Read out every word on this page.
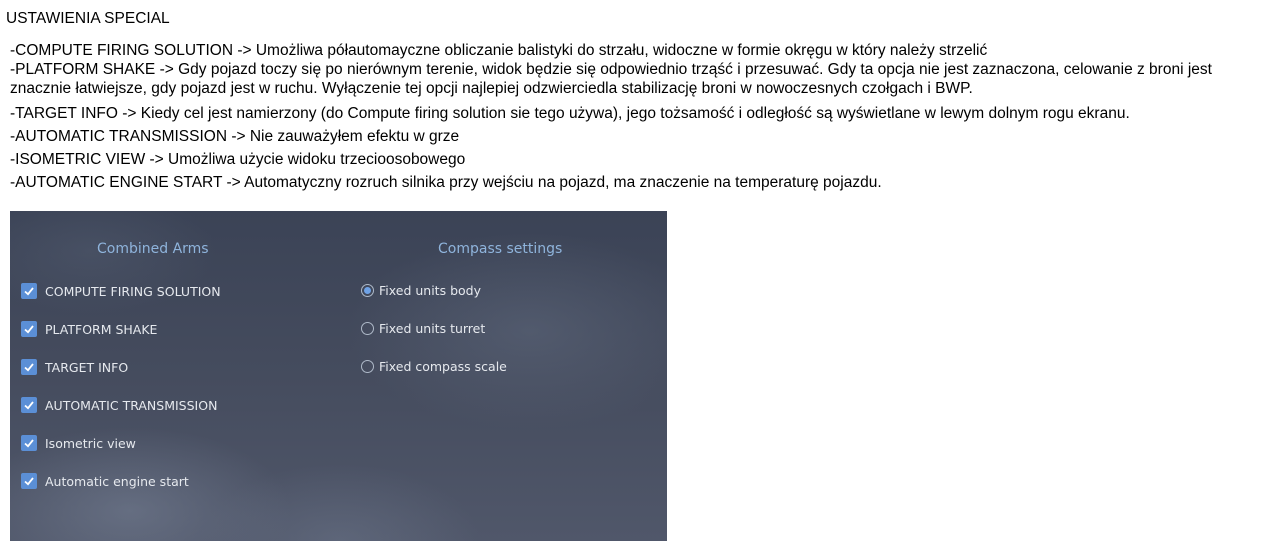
USTAWIENIA SPECIAL

-COMPUTE FIRING SOLUTION -> Umożliwa półautomayczne obliczanie balistyki do strzału, widoczne w formie okręgu w który należy strzelić

-PLATFORM SHAKE -> Gdy pojazd toczy się po nierównym terenie, widok będzie się odpowiednio trząść i przesuwać. Gdy ta opcja nie jest zaznaczona, celowanie z broni jest znacznie łatwiejsze, gdy pojazd jest w ruchu. Wyłączenie tej opcji najlepiej odzwierciedla stabilizację broni w nowoczesnych czołgach i BWP.

-TARGET INFO -> Kiedy cel jest namierzony (do Compute firing solution sie tego używa), jego tożsamość i odległość są wyświetlane w lewym dolnym rogu ekranu.

-AUTOMATIC TRANSMISSION -> Nie zauważyłem efektu w grze

-ISOMETRIC VIEW -> Umożliwa użycie widoku trzecioosobowego

-AUTOMATIC ENGINE START -> Automatyczny rozruch silnika przy wejściu na pojazd, ma znaczenie na temperaturę pojazdu.

Combined Arms	Compass settings
COMPUTE FIRING SOLUTION
PLATFORM SHAKE
TARGET INFO
AUTOMATIC TRANSMISSION
Isometric view
Automatic engine start
Fixed units body
Fixed units turret
Fixed compass scale
